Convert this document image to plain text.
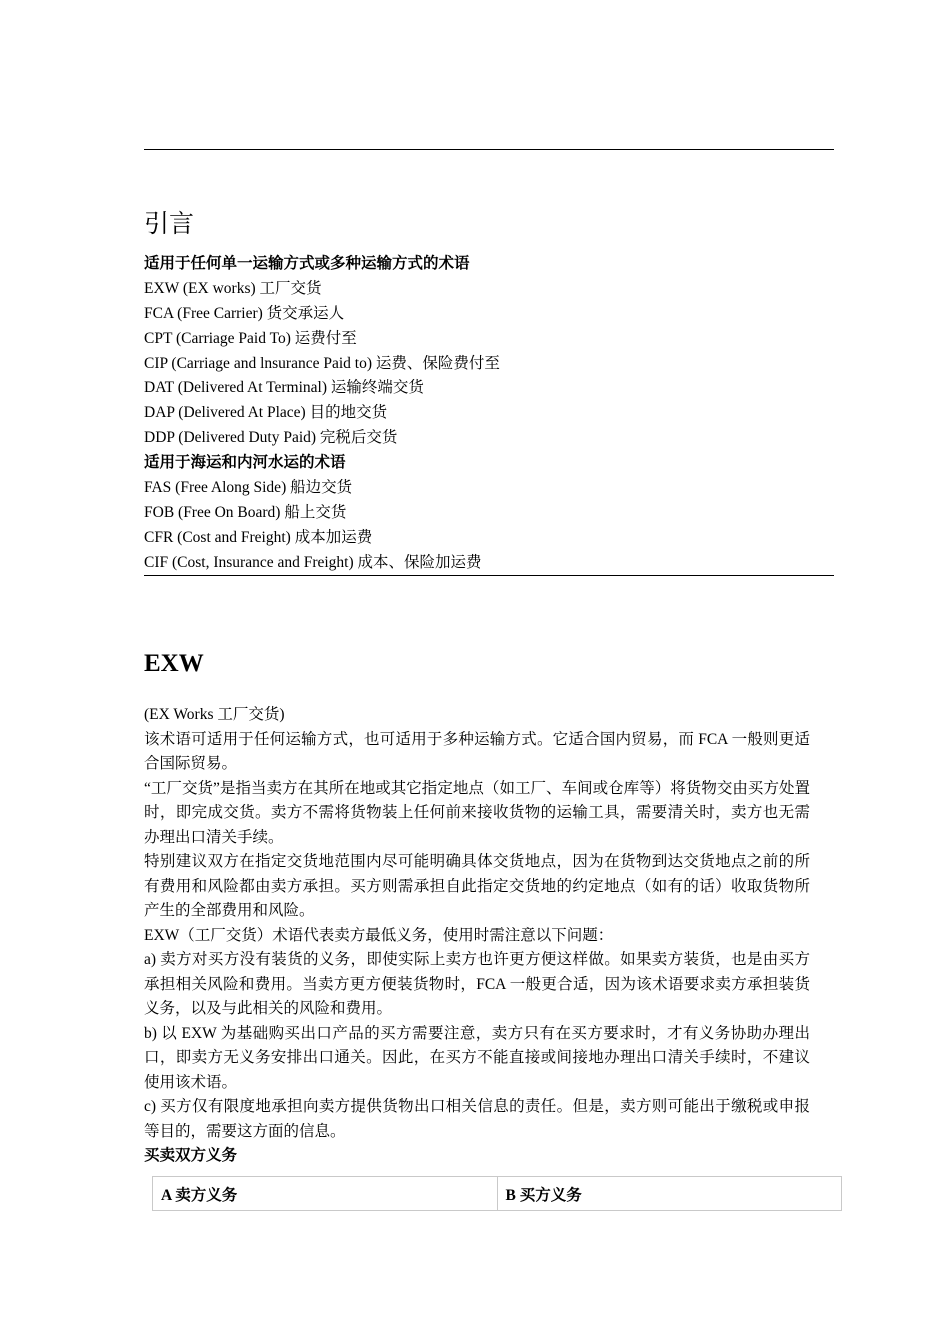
引言
适用于任何单一运输方式或多种运输方式的术语
EXW (EX works) 工厂交货
FCA (Free Carrier) 货交承运人
CPT (Carriage Paid To) 运费付至
CIP (Carriage and lnsurance Paid to) 运费、保险费付至
DAT (Delivered At Terminal) 运输终端交货
DAP (Delivered At Place) 目的地交货
DDP (Delivered Duty Paid) 完税后交货
适用于海运和内河水运的术语
FAS (Free Along Side) 船边交货
FOB (Free On Board) 船上交货
CFR (Cost and Freight) 成本加运费
CIF (Cost, Insurance and Freight) 成本、保险加运费
EXW

(EX Works 工厂交货)

该术语可适用于任何运输方式，也可适用于多种运输方式。它适合国内贸易，而 FCA 一般则更适合国际贸易。

“工厂交货”是指当卖方在其所在地或其它指定地点（如工厂、车间或仓库等）将货物交由买方处置时，即完成交货。卖方不需将货物装上任何前来接收货物的运输工具，需要清关时，卖方也无需办理出口清关手续。

特别建议双方在指定交货地范围内尽可能明确具体交货地点，因为在货物到达交货地点之前的所有费用和风险都由卖方承担。买方则需承担自此指定交货地的约定地点（如有的话）收取货物所产生的全部费用和风险。

EXW（工厂交货）术语代表卖方最低义务，使用时需注意以下问题：

a) 卖方对买方没有装货的义务，即使实际上卖方也许更方便这样做。如果卖方装货，也是由买方承担相关风险和费用。当卖方更方便装货物时，FCA 一般更合适，因为该术语要求卖方承担装货义务，以及与此相关的风险和费用。

b) 以 EXW 为基础购买出口产品的买方需要注意，卖方只有在买方要求时，才有义务协助办理出口，即卖方无义务安排出口通关。因此，在买方不能直接或间接地办理出口清关手续时，不建议使用该术语。

c) 买方仅有限度地承担向卖方提供货物出口相关信息的责任。但是，卖方则可能出于缴税或申报等目的，需要这方面的信息。

买卖双方义务

A 卖方义务	B 买方义务
